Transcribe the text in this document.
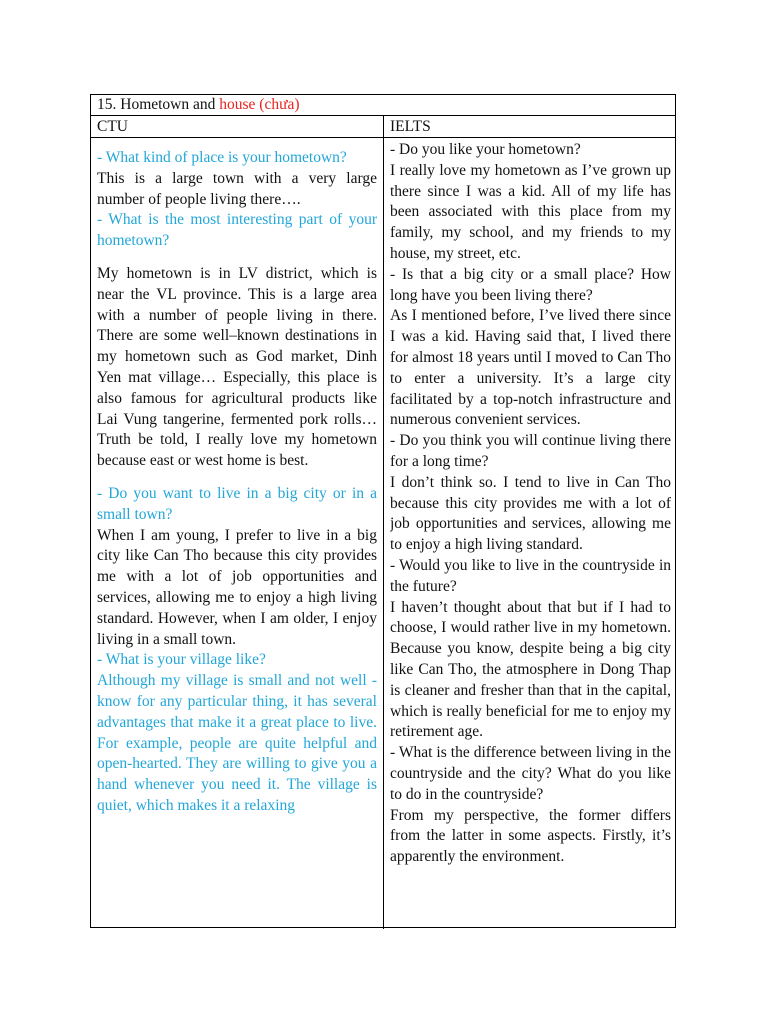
15. Hometown and house (chưa)
CTU	IELTS

- What kind of place is your hometown?

This is a large town with a very large number of people living there….

- What is the most interesting part of your hometown?

My hometown is in LV district, which is near the VL province. This is a large area with a number of people living in there. There are some well–known destinations in my hometown such as God market, Dinh Yen mat village… Especially, this place is also famous for agricultural products like Lai Vung tangerine, fermented pork rolls…Truth be told, I really love my hometown because east or west home is best.

- Do you want to live in a big city or in a small town?

When I am young, I prefer to live in a big city like Can Tho because this city provides me with a lot of job opportunities and services, allowing me to enjoy a high living standard. However, when I am older, I enjoy living in a small town.

- What is your village like?

Although my village is small and not well - know for any particular thing, it has several advantages that make it a great place to live. For example, people are quite helpful and open-hearted. They are willing to give you a hand whenever you need it. The village is quiet, which makes it a relaxing

- Do you like your hometown?

I really love my hometown as I’ve grown up there since I was a kid. All of my life has been associated with this place from my family, my school, and my friends to my house, my street, etc.

- Is that a big city or a small place? How long have you been living there?

As I mentioned before, I’ve lived there since I was a kid. Having said that, I lived there for almost 18 years until I moved to Can Tho to enter a university. It’s a large city facilitated by a top-notch infrastructure and numerous convenient services.

- Do you think you will continue living there for a long time?

I don’t think so. I tend to live in Can Tho because this city provides me with a lot of job opportunities and services, allowing me to enjoy a high living standard.

- Would you like to live in the countryside in the future?

I haven’t thought about that but if I had to choose, I would rather live in my hometown. Because you know, despite being a big city like Can Tho, the atmosphere in Dong Thap is cleaner and fresher than that in the capital, which is really beneficial for me to enjoy my retirement age.

- What is the difference between living in the countryside and the city? What do you like to do in the countryside?

From my perspective, the former differs from the latter in some aspects. Firstly, it’s apparently the environment.
